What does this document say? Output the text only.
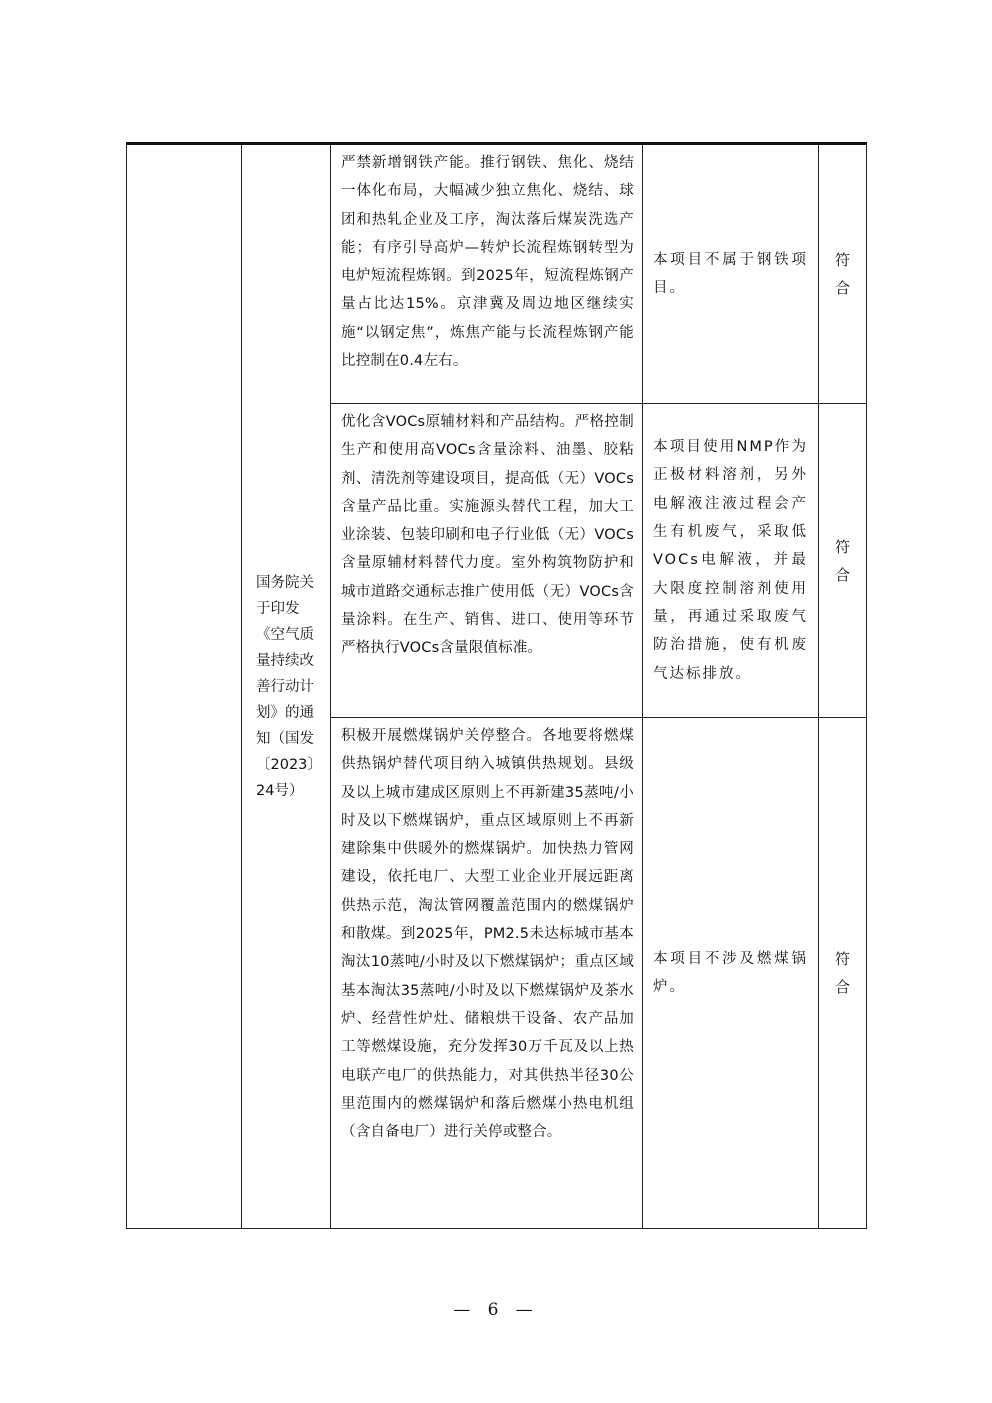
	国务院关于印发《空气质量持续改善行动计划》的通知（国发〔2023〕24号）	严禁新增钢铁产能。推行钢铁、焦化、烧结一体化布局，大幅减少独立焦化、烧结、球团和热轧企业及工序，淘汰落后煤炭洗选产能；有序引导高炉—转炉长流程炼钢转型为电炉短流程炼钢。到2025年，短流程炼钢产量占比达15%。京津冀及周边地区继续实施“以钢定焦”，炼焦产能与长流程炼钢产能比控制在0.4左右。	本项目不属于钢铁项目。	符合

		优化含VOCs原辅材料和产品结构。严格控制生产和使用高VOCs含量涂料、油墨、胶粘剂、清洗剂等建设项目，提高低（无）VOCs含量产品比重。实施源头替代工程，加大工业涂装、包装印刷和电子行业低（无）VOCs含量原辅材料替代力度。室外构筑物防护和城市道路交通标志推广使用低（无）VOCs含量涂料。在生产、销售、进口、使用等环节严格执行VOCs含量限值标准。	本项目使用NMP作为正极材料溶剂，另外电解液注液过程会产生有机废气，采取低VOCs电解液，并最大限度控制溶剂使用量，再通过采取废气防治措施，使有机废气达标排放。	符合

		积极开展燃煤锅炉关停整合。各地要将燃煤供热锅炉替代项目纳入城镇供热规划。县级及以上城市建成区原则上不再新建35蒸吨/小时及以下燃煤锅炉，重点区域原则上不再新建除集中供暖外的燃煤锅炉。加快热力管网建设，依托电厂、大型工业企业开展远距离供热示范，淘汰管网覆盖范围内的燃煤锅炉和散煤。到2025年，PM2.5未达标城市基本淘汰10蒸吨/小时及以下燃煤锅炉；重点区域基本淘汰35蒸吨/小时及以下燃煤锅炉及茶水炉、经营性炉灶、储粮烘干设备、农产品加工等燃煤设施，充分发挥30万千瓦及以上热电联产电厂的供热能力，对其供热半径30公里范围内的燃煤锅炉和落后燃煤小热电机组（含自备电厂）进行关停或整合。	本项目不涉及燃煤锅炉。	符合
— 6 —
